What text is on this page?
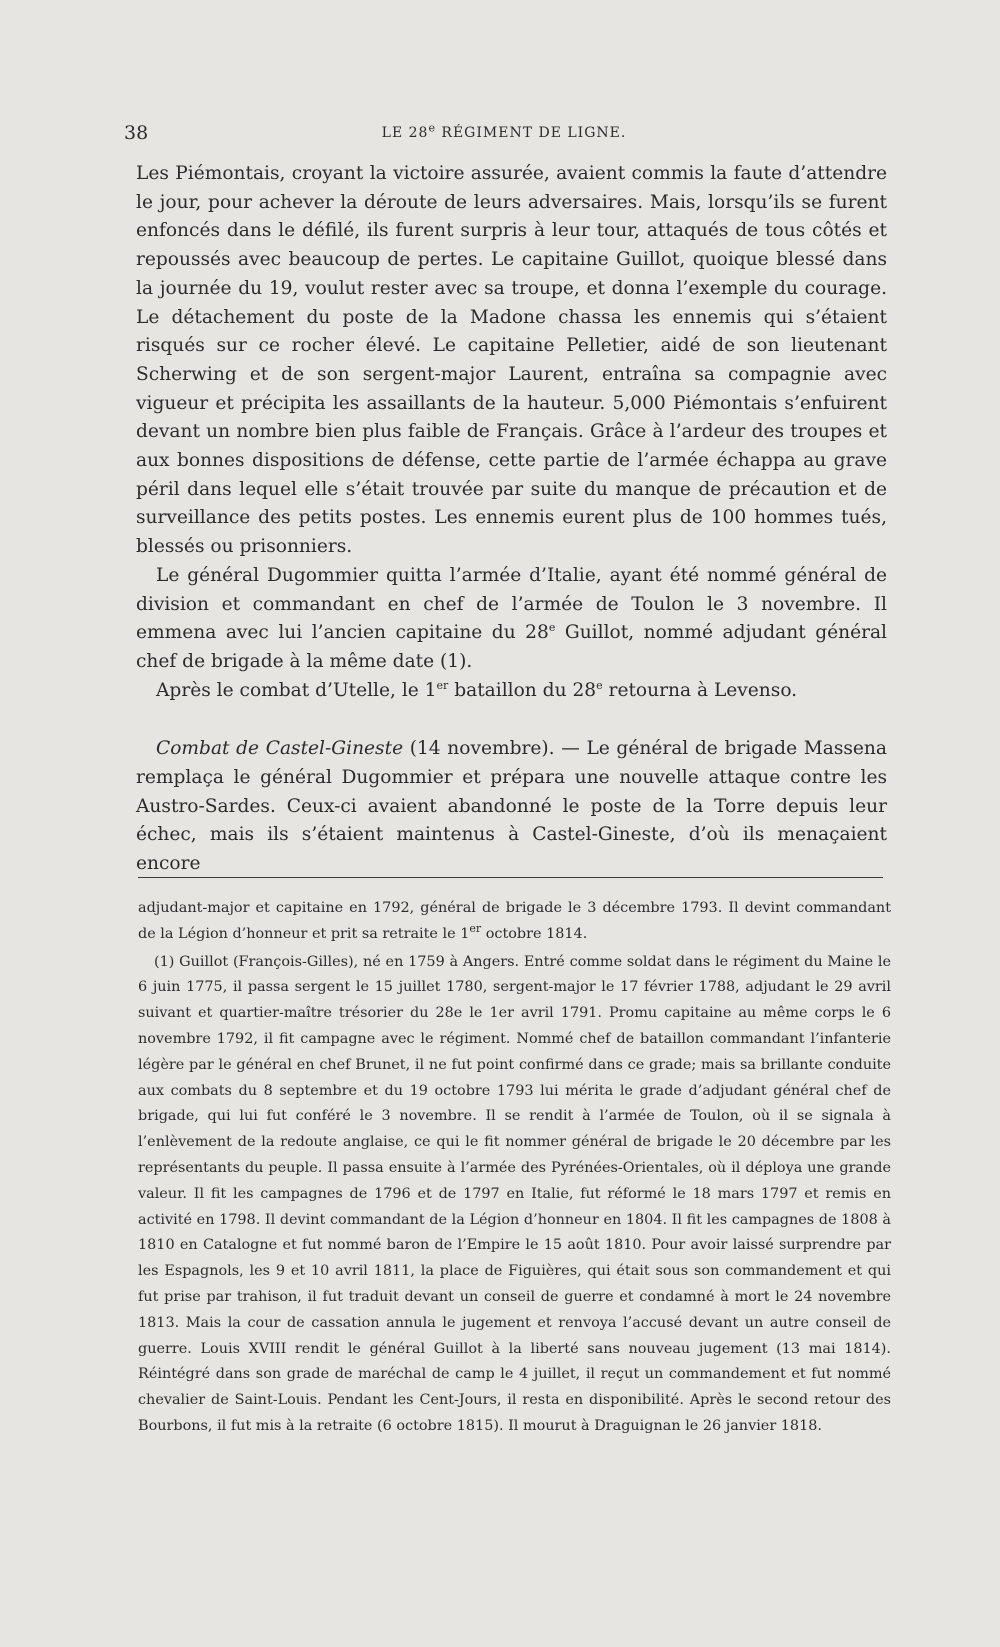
38	LE 28e RÉGIMENT DE LIGNE.

Les Piémontais, croyant la victoire assurée, avaient commis la faute d’attendre le jour, pour achever la déroute de leurs adversaires. Mais, lorsqu’ils se furent enfoncés dans le défilé, ils furent surpris à leur tour, attaqués de tous côtés et repoussés avec beaucoup de pertes. Le capitaine Guillot, quoique blessé dans la journée du 19, voulut rester avec sa troupe, et donna l’exemple du courage. Le détachement du poste de la Madone chassa les ennemis qui s’étaient risqués sur ce rocher élevé. Le capitaine Pelletier, aidé de son lieutenant Scherwing et de son sergent-major Laurent, entraîna sa compagnie avec vigueur et précipita les assaillants de la hauteur. 5,000 Piémontais s’enfuirent devant un nombre bien plus faible de Français. Grâce à l’ardeur des troupes et aux bonnes dispositions de défense, cette partie de l’armée échappa au grave péril dans lequel elle s’était trouvée par suite du manque de précaution et de surveillance des petits postes. Les ennemis eurent plus de 100 hommes tués, blessés ou prisonniers.

Le général Dugommier quitta l’armée d’Italie, ayant été nommé général de division et commandant en chef de l’armée de Toulon le 3 novembre. Il emmena avec lui l’ancien capitaine du 28e Guillot, nommé adjudant général chef de brigade à la même date (1).

Après le combat d’Utelle, le 1er bataillon du 28e retourna à Levenso.

Combat de Castel-Gineste (14 novembre). — Le général de brigade Massena remplaça le général Dugommier et prépara une nouvelle attaque contre les Austro-Sardes. Ceux-ci avaient abandonné le poste de la Torre depuis leur échec, mais ils s’étaient maintenus à Castel-Gineste, d’où ils menaçaient encore

adjudant-major et capitaine en 1792, général de brigade le 3 décembre 1793. Il devint commandant de la Légion d’honneur et prit sa retraite le 1er octobre 1814.

(1) Guillot (François-Gilles), né en 1759 à Angers. Entré comme soldat dans le régiment du Maine le 6 juin 1775, il passa sergent le 15 juillet 1780, sergent-major le 17 février 1788, adjudant le 29 avril suivant et quartier-maître trésorier du 28e le 1er avril 1791. Promu capitaine au même corps le 6 novembre 1792, il fit campagne avec le régiment. Nommé chef de bataillon commandant l’infanterie légère par le général en chef Brunet, il ne fut point confirmé dans ce grade; mais sa brillante conduite aux combats du 8 septembre et du 19 octobre 1793 lui mérita le grade d’adjudant général chef de brigade, qui lui fut conféré le 3 novembre. Il se rendit à l’armée de Toulon, où il se signala à l’enlèvement de la redoute anglaise, ce qui le fit nommer général de brigade le 20 décembre par les représentants du peuple. Il passa ensuite à l’armée des Pyrénées-Orientales, où il déploya une grande valeur. Il fit les campagnes de 1796 et de 1797 en Italie, fut réformé le 18 mars 1797 et remis en activité en 1798. Il devint commandant de la Légion d’honneur en 1804. Il fit les campagnes de 1808 à 1810 en Catalogne et fut nommé baron de l’Empire le 15 août 1810. Pour avoir laissé surprendre par les Espagnols, les 9 et 10 avril 1811, la place de Figuières, qui était sous son commandement et qui fut prise par trahison, il fut traduit devant un conseil de guerre et condamné à mort le 24 novembre 1813. Mais la cour de cassation annula le jugement et renvoya l’accusé devant un autre conseil de guerre. Louis XVIII rendit le général Guillot à la liberté sans nouveau jugement (13 mai 1814). Réintégré dans son grade de maréchal de camp le 4 juillet, il reçut un commandement et fut nommé chevalier de Saint-Louis. Pendant les Cent-Jours, il resta en disponibilité. Après le second retour des Bourbons, il fut mis à la retraite (6 octobre 1815). Il mourut à Draguignan le 26 janvier 1818.
